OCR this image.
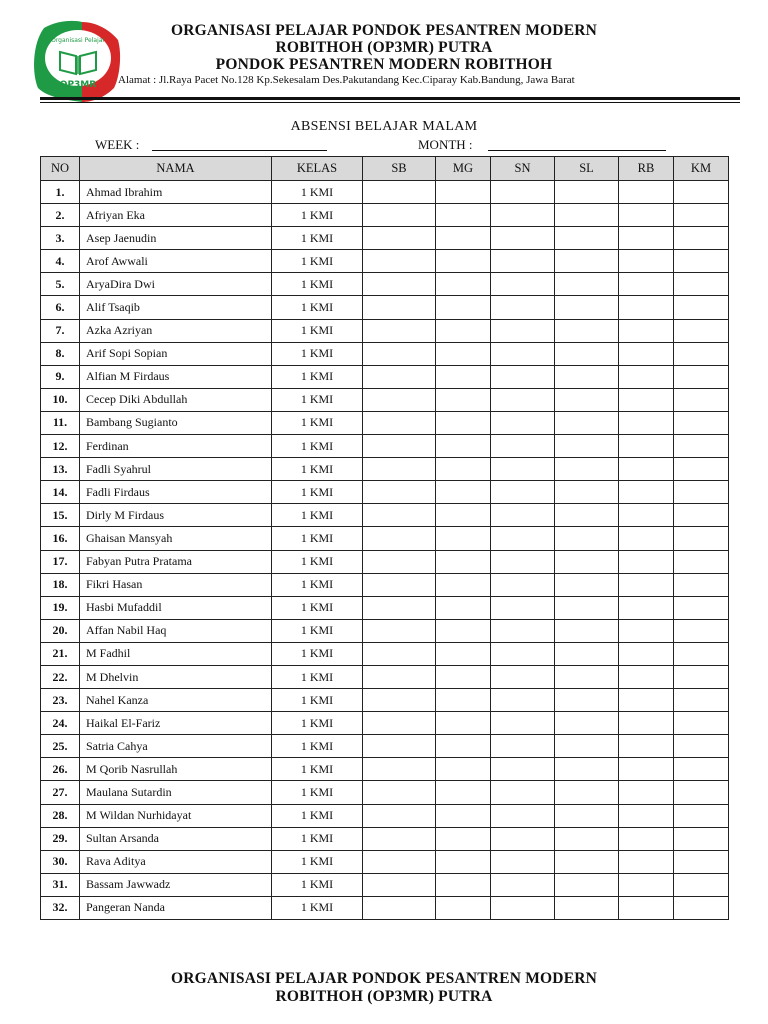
Organisasi Pelajar
OP3MR
ORGANISASI PELAJAR PONDOK PESANTREN MODERN
ROBITHOH (OP3MR) PUTRA
PONDOK PESANTREN MODERN ROBITHOH
Alamat : Jl.Raya Pacet No.128 Kp.Sekesalam Des.Pakutandang Kec.Ciparay Kab.Bandung, Jawa Barat
ABSENSI BELAJAR MALAM
WEEK :	MONTH :
NO	NAMA	KELAS	SB	MG	SN	SL	RB	KM
1.	Ahmad Ibrahim	1 KMI						
2.	Afriyan Eka	1 KMI						
3.	Asep Jaenudin	1 KMI						
4.	Arof Awwali	1 KMI						
5.	AryaDira Dwi	1 KMI						
6.	Alif Tsaqib	1 KMI						
7.	Azka Azriyan	1 KMI						
8.	Arif Sopi Sopian	1 KMI						
9.	Alfian M Firdaus	1 KMI						
10.	Cecep Diki Abdullah	1 KMI						
11.	Bambang Sugianto	1 KMI						
12.	Ferdinan	1 KMI						
13.	Fadli Syahrul	1 KMI						
14.	Fadli Firdaus	1 KMI						
15.	Dirly M Firdaus	1 KMI						
16.	Ghaisan Mansyah	1 KMI						
17.	Fabyan Putra Pratama	1 KMI						
18.	Fikri Hasan	1 KMI						
19.	Hasbi Mufaddil	1 KMI						
20.	Affan Nabil Haq	1 KMI						
21.	M Fadhil	1 KMI						
22.	M Dhelvin	1 KMI						
23.	Nahel Kanza	1 KMI						
24.	Haikal El-Fariz	1 KMI						
25.	Satria Cahya	1 KMI						
26.	M Qorib Nasrullah	1 KMI						
27.	Maulana Sutardin	1 KMI						
28.	M Wildan Nurhidayat	1 KMI						
29.	Sultan Arsanda	1 KMI						
30.	Rava Aditya	1 KMI						
31.	Bassam Jawwadz	1 KMI						
32.	Pangeran Nanda	1 KMI						
ORGANISASI PELAJAR PONDOK PESANTREN MODERN
ROBITHOH (OP3MR) PUTRA
